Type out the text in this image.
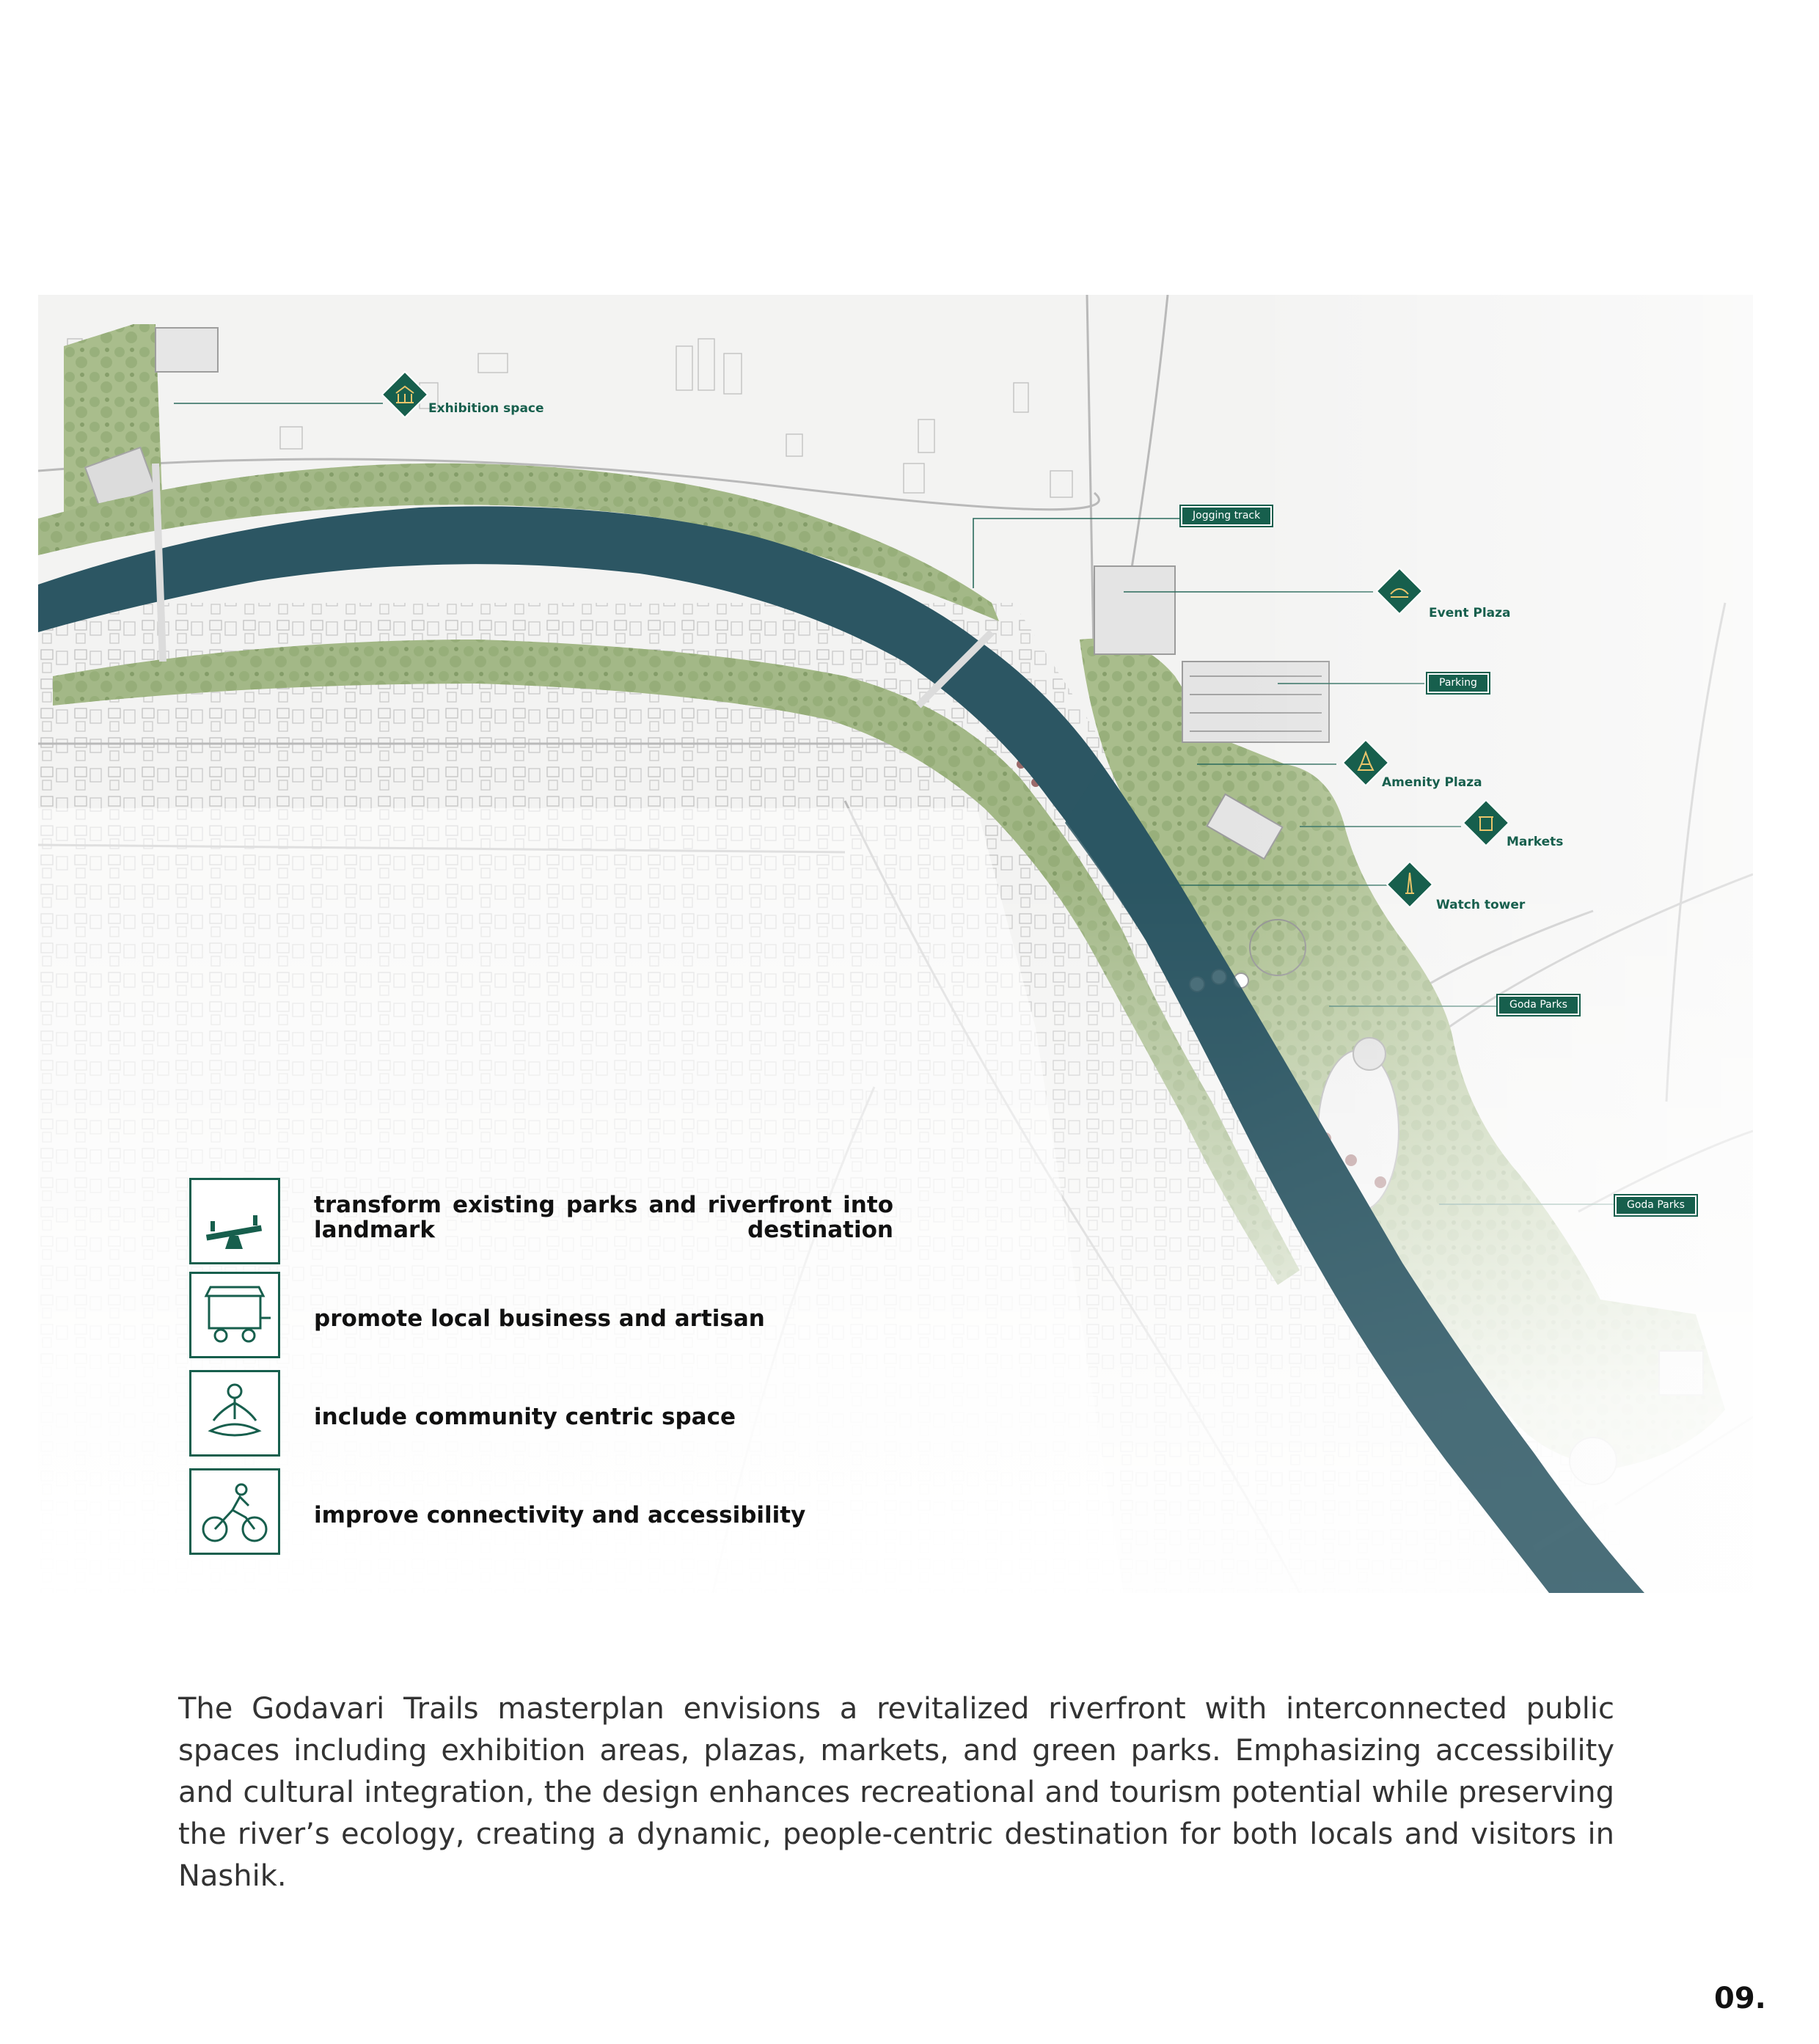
Exhibition space
Event Plaza
Amenity Plaza
Markets
Watch tower
Jogging track
Parking
Goda Parks
Goda Parks
transform existing parks and riverfront into landmark destination
promote local business and artisan
include community centric space
improve connectivity and accessibility
The Godavari Trails masterplan envisions a revitalized riverfront with interconnected public spaces including exhibition areas, plazas, markets, and green parks. Emphasizing accessibility and cultural integration, the design enhances recreational and tourism potential while preserving the river’s ecology, creating a dynamic, people-centric destination for both locals and visitors in Nashik.
09.
